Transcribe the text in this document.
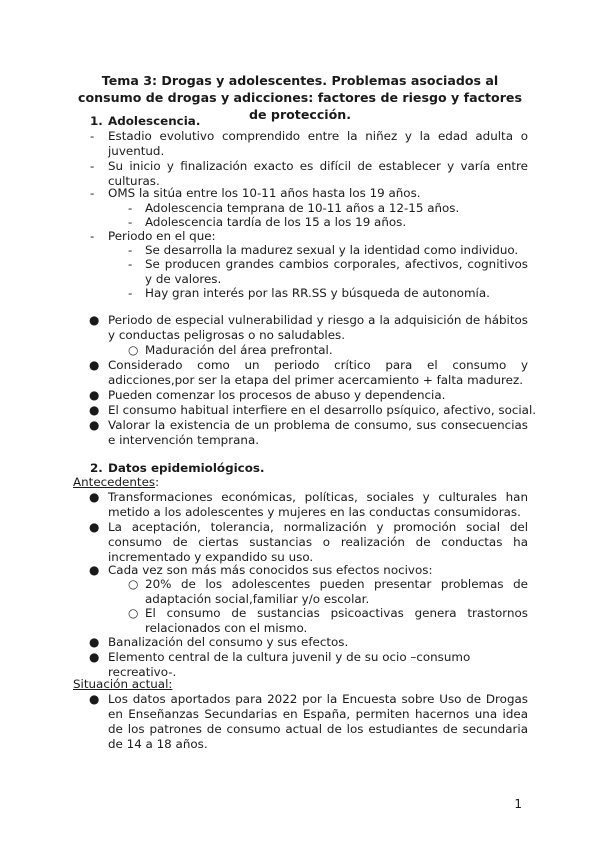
Tema 3: Drogas y adolescentes. Problemas asociados al consumo de drogas y adicciones: factores de riesgo y factores de protección.
1. Adolescencia.
- Estadio evolutivo comprendido entre la niñez y la edad adulta o juventud.
- Su inicio y finalización exacto es difícil de establecer y varía entre culturas.
- OMS la sitúa entre los 10-11 años hasta los 19 años.
- Adolescencia temprana de 10-11 años a 12-15 años.
- Adolescencia tardía de los 15 a los 19 años.
- Periodo en el que:
- Se desarrolla la madurez sexual y la identidad como individuo.
- Se producen grandes cambios corporales, afectivos, cognitivos y de valores.
- Hay gran interés por las RR.SS y búsqueda de autonomía.
● Periodo de especial vulnerabilidad y riesgo a la adquisición de hábitos y conductas peligrosas o no saludables.
○ Maduración del área prefrontal.
● Considerado como un periodo crítico para el consumo y adicciones,por ser la etapa del primer acercamiento + falta madurez.
● Pueden comenzar los procesos de abuso y dependencia.
● El consumo habitual interfiere en el desarrollo psíquico, afectivo, social.
● Valorar la existencia de un problema de consumo, sus consecuencias e intervención temprana.
2. Datos epidemiológicos.
Antecedentes:
● Transformaciones económicas, políticas, sociales y culturales han metido a los adolescentes y mujeres en las conductas consumidoras.
● La aceptación, tolerancia, normalización y promoción social del consumo de ciertas sustancias o realización de conductas ha incrementado y expandido su uso.
● Cada vez son más más conocidos sus efectos nocivos:
○ 20% de los adolescentes pueden presentar problemas de adaptación social,familiar y/o escolar.
○ El consumo de sustancias psicoactivas genera trastornos relacionados con el mismo.
● Banalización del consumo y sus efectos.
● Elemento central de la cultura juvenil y de su ocio –consumo recreativo-.
Situación actual:
● Los datos aportados para 2022 por la Encuesta sobre Uso de Drogas en Enseñanzas Secundarias en España, permiten hacernos una idea de los patrones de consumo actual de los estudiantes de secundaria de 14 a 18 años.
1
